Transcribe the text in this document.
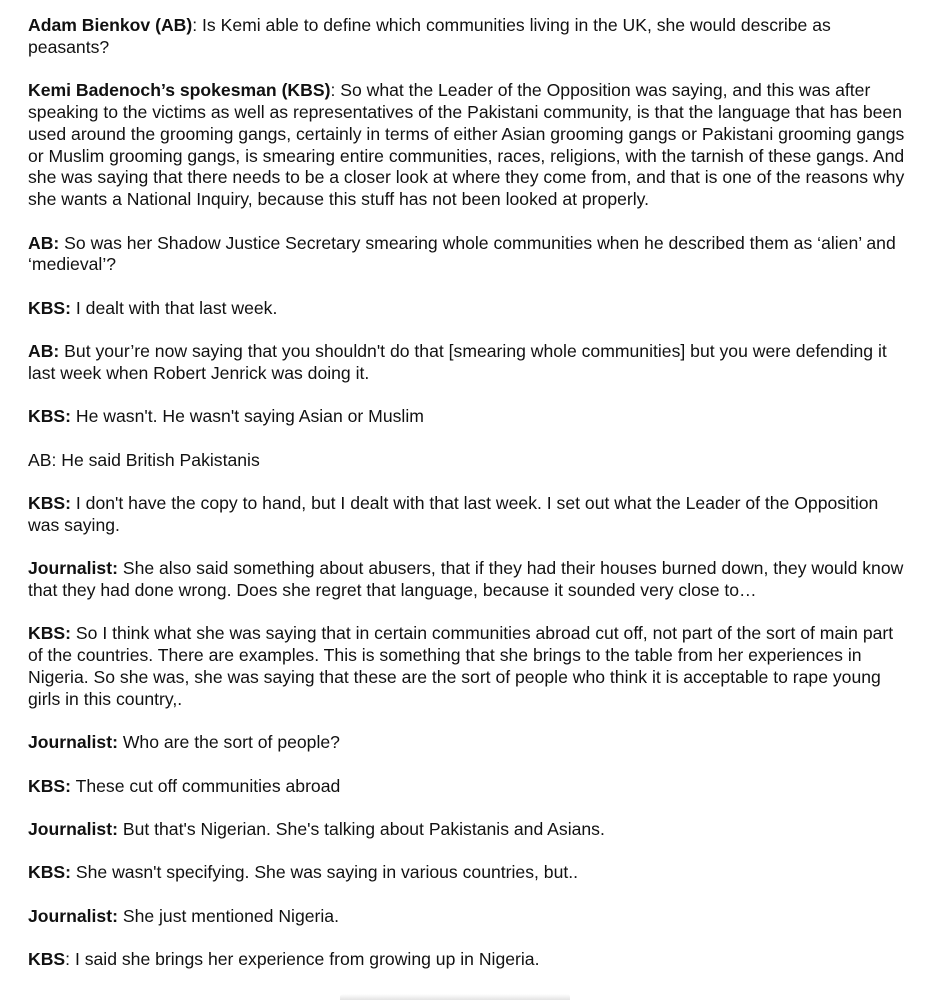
Adam Bienkov (AB): Is Kemi able to define which communities living in the UK, she would describe as peasants?

Kemi Badenoch’s spokesman (KBS): So what the Leader of the Opposition was saying, and this was after speaking to the victims as well as representatives of the Pakistani community, is that the language that has been used around the grooming gangs, certainly in terms of either Asian grooming gangs or Pakistani grooming gangs or Muslim grooming gangs, is smearing entire communities, races, religions, with the tarnish of these gangs. And she was saying that there needs to be a closer look at where they come from, and that is one of the reasons why she wants a National Inquiry, because this stuff has not been looked at properly.

AB: So was her Shadow Justice Secretary smearing whole communities when he described them as ‘alien’ and ‘medieval’?

KBS: I dealt with that last week.

AB: But your’re now saying that you shouldn't do that [smearing whole communities] but you were defending it last week when Robert Jenrick was doing it.

KBS: He wasn't. He wasn't saying Asian or Muslim

AB: He said British Pakistanis

KBS: I don't have the copy to hand, but I dealt with that last week. I set out what the Leader of the Opposition was saying.

Journalist: She also said something about abusers, that if they had their houses burned down, they would know that they had done wrong. Does she regret that language, because it sounded very close to…

KBS: So I think what she was saying that in certain communities abroad cut off, not part of the sort of main part of the countries. There are examples. This is something that she brings to the table from her experiences in Nigeria. So she was, she was saying that these are the sort of people who think it is acceptable to rape young girls in this country,.

Journalist: Who are the sort of people?

KBS: These cut off communities abroad

Journalist: But that's Nigerian. She's talking about Pakistanis and Asians.

KBS: She wasn't specifying. She was saying in various countries, but..

Journalist: She just mentioned Nigeria.

KBS: I said she brings her experience from growing up in Nigeria.
